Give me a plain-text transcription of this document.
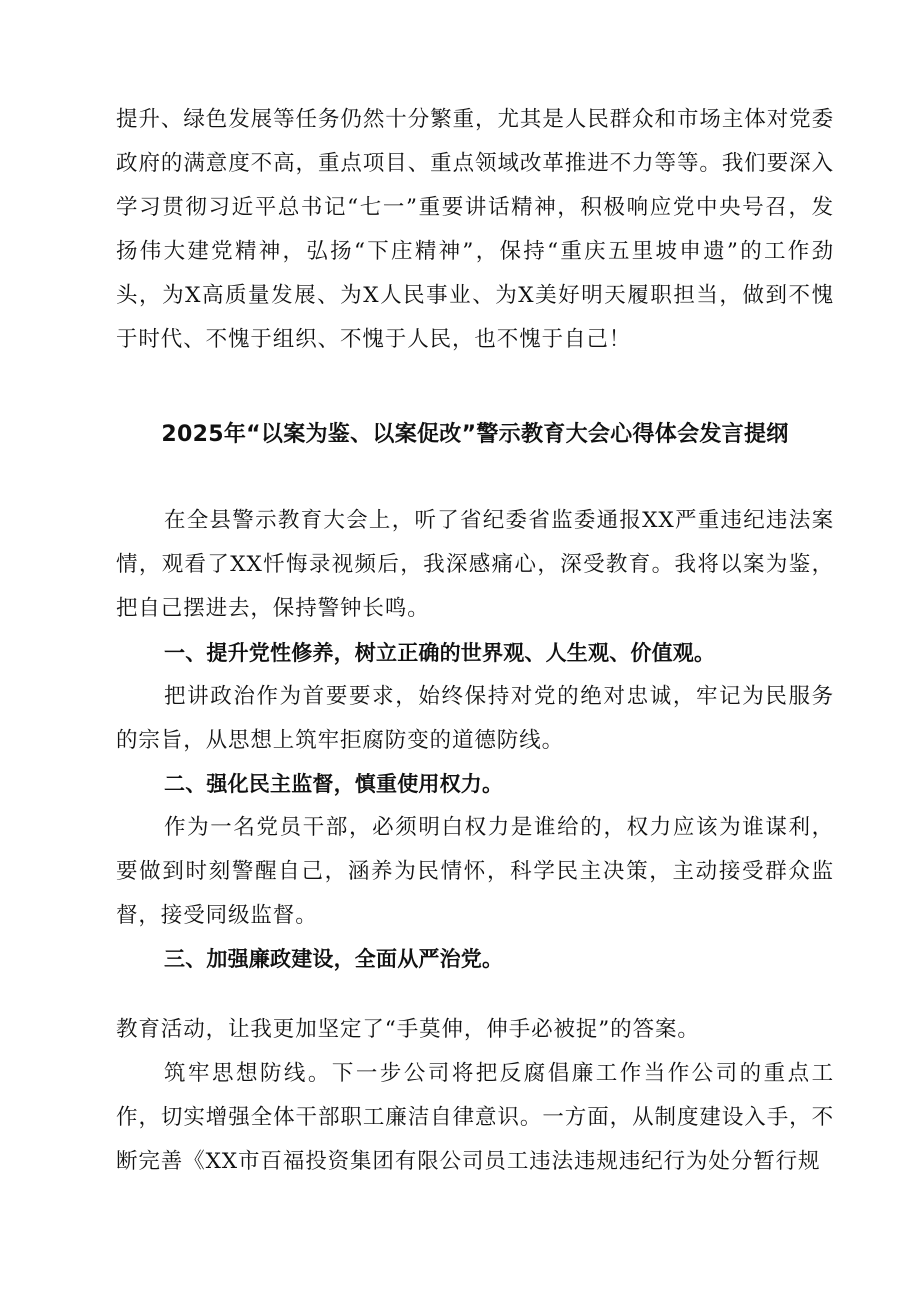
提升、绿色发展等任务仍然十分繁重，尤其是人民群众和市场主体对党委政府的满意度不高，重点项目、重点领域改革推进不力等等。我们要深入学习贯彻习近平总书记“七一”重要讲话精神，积极响应党中央号召，发扬伟大建党精神，弘扬“下庄精神”，保持“重庆五里坡申遗”的工作劲头，为X高质量发展、为X人民事业、为X美好明天履职担当，做到不愧于时代、不愧于组织、不愧于人民，也不愧于自己！

2025年“以案为鉴、以案促改”警示教育大会心得体会发言提纲

在全县警示教育大会上，听了省纪委省监委通报XX严重违纪违法案情，观看了XX忏悔录视频后，我深感痛心，深受教育。我将以案为鉴，把自己摆进去，保持警钟长鸣。

一、提升党性修养，树立正确的世界观、人生观、价值观。

把讲政治作为首要要求，始终保持对党的绝对忠诚，牢记为民服务的宗旨，从思想上筑牢拒腐防变的道德防线。

二、强化民主监督，慎重使用权力。

作为一名党员干部，必须明白权力是谁给的，权力应该为谁谋利，要做到时刻警醒自己，涵养为民情怀，科学民主决策，主动接受群众监督，接受同级监督。

三、加强廉政建设，全面从严治党。

教育活动，让我更加坚定了“手莫伸，伸手必被捉”的答案。

筑牢思想防线。下一步公司将把反腐倡廉工作当作公司的重点工作，切实增强全体干部职工廉洁自律意识。一方面，从制度建设入手，不断完善《XX市百福投资集团有限公司员工违法违规违纪行为处分暂行规
